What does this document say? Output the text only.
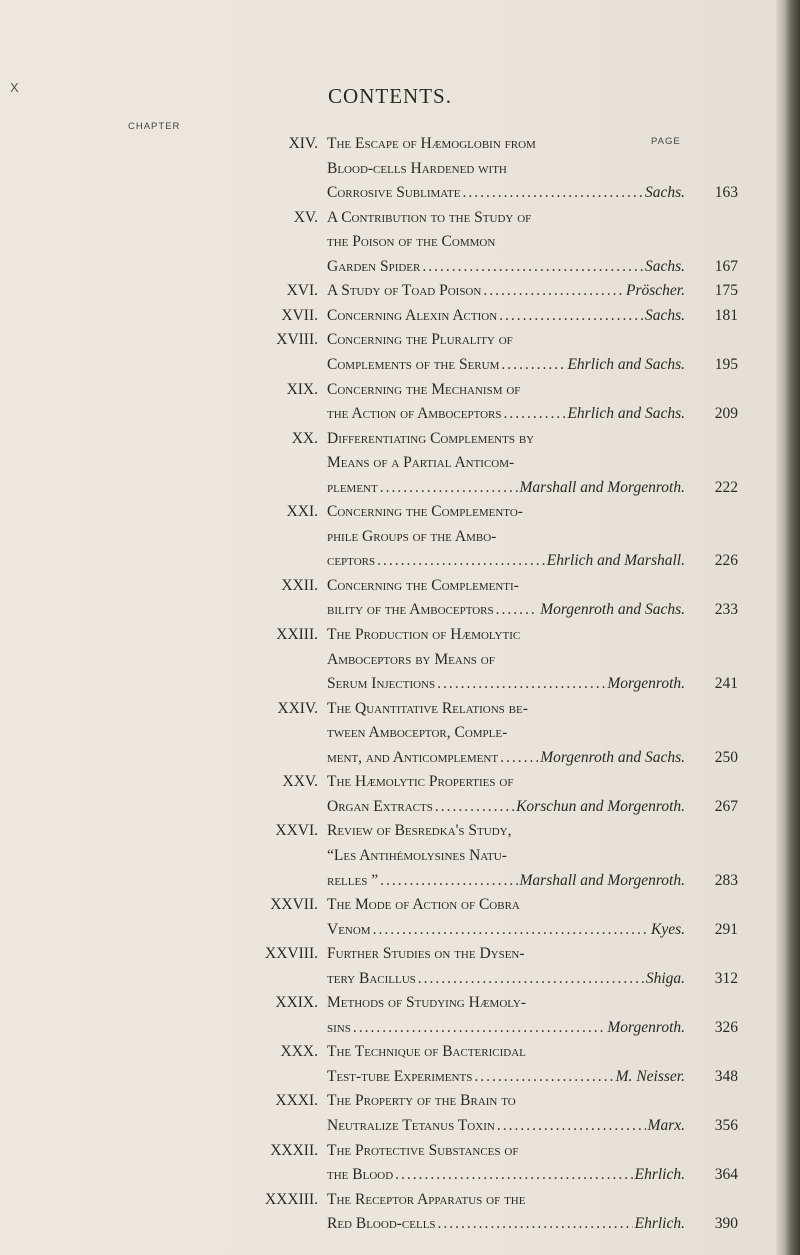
X	CONTENTS.
CHAPTER
PAGE
XIV. The Escape of Hæmoglobin from
Blood-cells Hardened with
Corrosive Sublimate .....	Sachs.	163
XV. A Contribution to the Study of
the Poison of the Common
Garden Spider .....	Sachs.	167
XVI. A Study of Toad Poison .....	Pröscher.	175
XVII. Concerning Alexin Action .....	Sachs.	181
XVIII. Concerning the Plurality of
Complements of the Serum .....	Ehrlich and Sachs.	195
XIX. Concerning the Mechanism of
the Action of Amboceptors .....	Ehrlich and Sachs.	209
XX. Differentiating Complements by
Means of a Partial Anticom-
plement .....	Marshall and Morgenroth.	222
XXI. Concerning the Complemento-
phile Groups of the Ambo-
ceptors .....	Ehrlich and Marshall.	226
XXII. Concerning the Complementi-
bility of the Amboceptors .....	Morgenroth and Sachs.	233
XXIII. The Production of Hæmolytic
Amboceptors by Means of
Serum Injections .....	Morgenroth.	241
XXIV. The Quantitative Relations be-
tween Amboceptor, Comple-
ment, and Anticomplement .....	Morgenroth and Sachs.	250
XXV. The Hæmolytic Properties of
Organ Extracts .....	Korschun and Morgenroth.	267
XXVI. Review of Besredka's Study,
“Les Antihémolysines Natu-
relles ” .....	Marshall and Morgenroth.	283
XXVII. The Mode of Action of Cobra
Venom .....	Kyes.	291
XXVIII. Further Studies on the Dysen-
tery Bacillus .....	Shiga.	312
XXIX. Methods of Studying Hæmoly-
sins .....	Morgenroth.	326
XXX. The Technique of Bactericidal
Test-tube Experiments .....	M. Neisser.	348
XXXI. The Property of the Brain to
Neutralize Tetanus Toxin .....	Marx.	356
XXXII. The Protective Substances of
the Blood .....	Ehrlich.	364
XXXIII. The Receptor Apparatus of the
Red Blood-cells .....	Ehrlich.	390
